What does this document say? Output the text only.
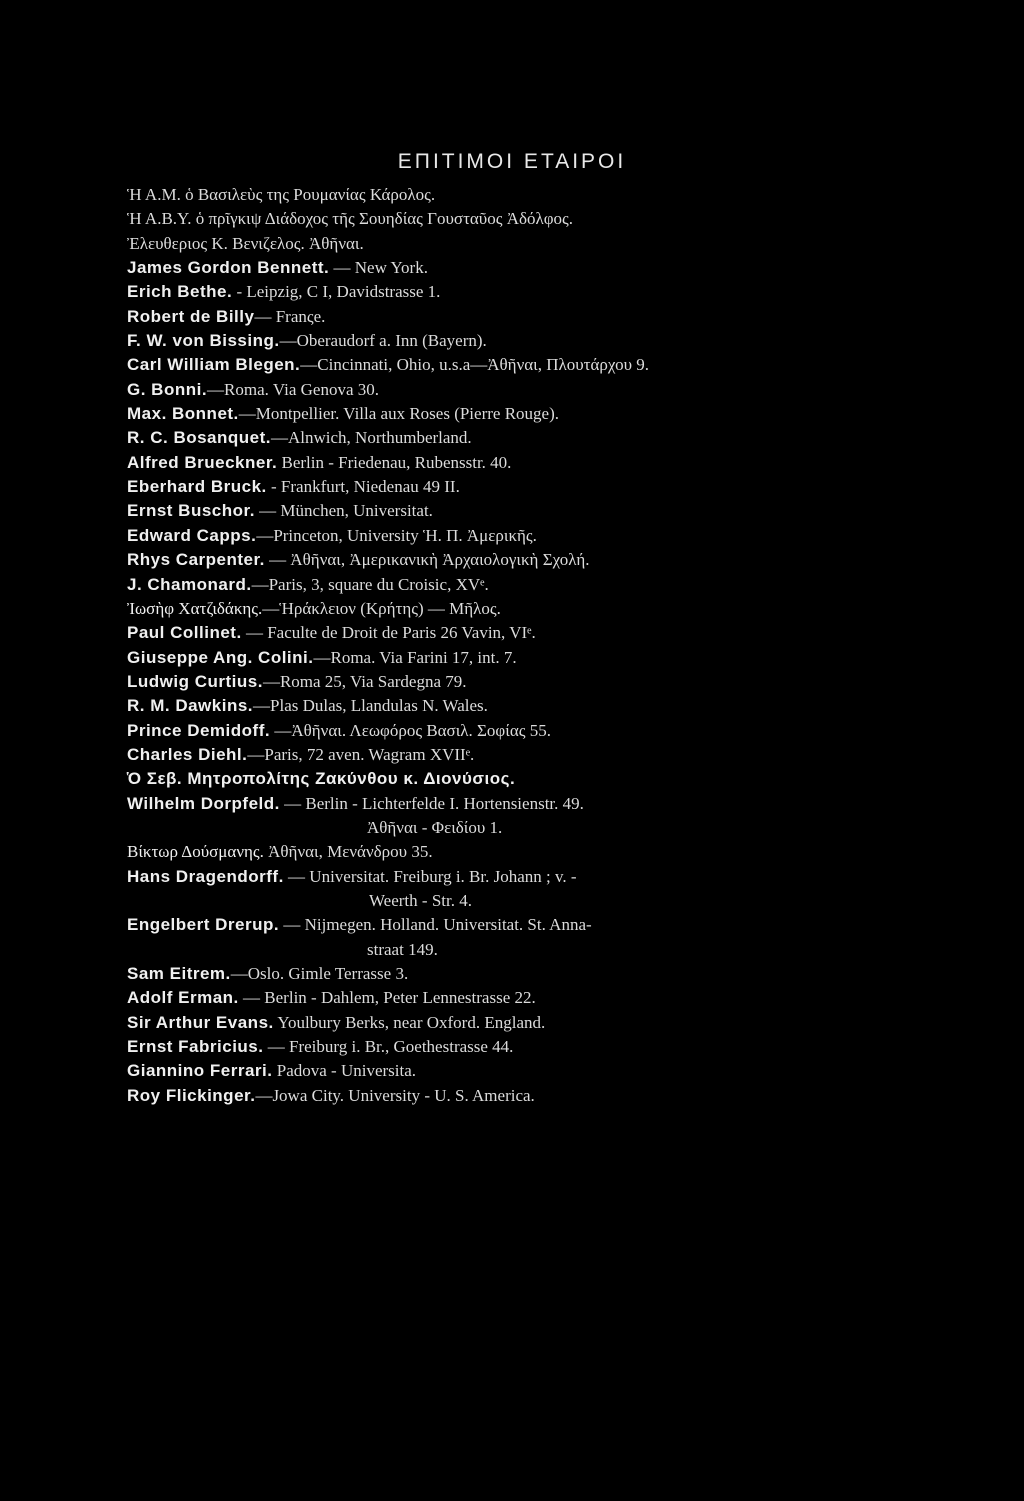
ΕΠΙΤΙΜΟΙ ΕΤΑΙΡΟΙ
Ἡ Α.Μ. ὁ Βασιλεὺς της Ρουμανίας Κάρολος.
Ἡ Α.Β.Υ. ὁ πρῖγκιψ Διάδοχος τῆς Σουηδίας Γουσταῦος Ἀδόλφος.
Ἐλευθεριος Κ. Βενιζελος. Ἀθῆναι.
James Gordon Bennett. — New York.
Erich Bethe. - Leipzig, C I, Davidstrasse 1.
Robert de Billy— Franςe.
F. W. von Bissing.—Oberaudorf a. Inn (Bayern).
Carl William Blegen.—Cincinnati, Ohio, u.s.a—Ἀθῆναι, Πλουτάρχου 9.
G. Bonni.—Roma. Via Genova 30.
Max. Bonnet.—Montpellier. Villa aux Roses (Pierre Rouge).
R. C. Bosanquet.—Alnwich, Northumberland.
Alfred Brueckner. Berlin - Friedenau, Rubensstr. 40.
Eberhard Bruck. - Frankfurt, Niedenau 49 II.
Ernst Buschor. — München, Universitat.
Edward Capps.—Princeton, University Ἡ. Π. Ἀμερικῆς.
Rhys Carpenter. — Ἀθῆναι, Ἀμερικανικὴ Ἀρχαιολογικὴ Σχολή.
J. Chamonard.—Paris, 3, square du Croisic, XVᵉ.
Ἰωσὴφ Χατζιδάκης.—Ἡράκλειον (Κρήτης) — Μῆλος.
Paul Collinet. — Faculte de Droit de Paris 26 Vavin, VIᵉ.
Giuseppe Ang. Colini.—Roma. Via Farini 17, int. 7.
Ludwig Curtius.—Roma 25, Via Sardegna 79.
R. M. Dawkins.—Plas Dulas, Llandulas N. Wales.
Prince Demidoff. —Ἀθῆναι. Λεωφόρος Βασιλ. Σοφίας 55.
Charles Diehl.—Paris, 72 aven. Wagram XVIIᵉ.
Ὁ Σεβ. Μητροπολίτης Ζακύνθου κ. Διονύσιος.
Wilhelm Dorpfeld. — Berlin - Lichterfelde I. Hortensienstr. 49.
Ἀθῆναι - Φειδίου 1.
Βίκτωρ Δούσμανης. Ἀθῆναι, Μενάνδρου 35.
Hans Dragendorff. — Universitat. Freiburg i. Br. Johann ; v. -
Weerth - Str. 4.
Engelbert Drerup. — Nijmegen. Holland. Universitat. St. Anna-
straat 149.
Sam Eitrem.—Oslo. Gimle Terrasse 3.
Adolf Erman. — Berlin - Dahlem, Peter Lennestrasse 22.
Sir Arthur Evans. Youlbury Berks, near Oxford. England.
Ernst Fabricius. — Freiburg i. Br., Goethestrasse 44.
Giannino Ferrari. Padova - Universita.
Roy Flickinger.—Jowa City. University - U. S. America.
